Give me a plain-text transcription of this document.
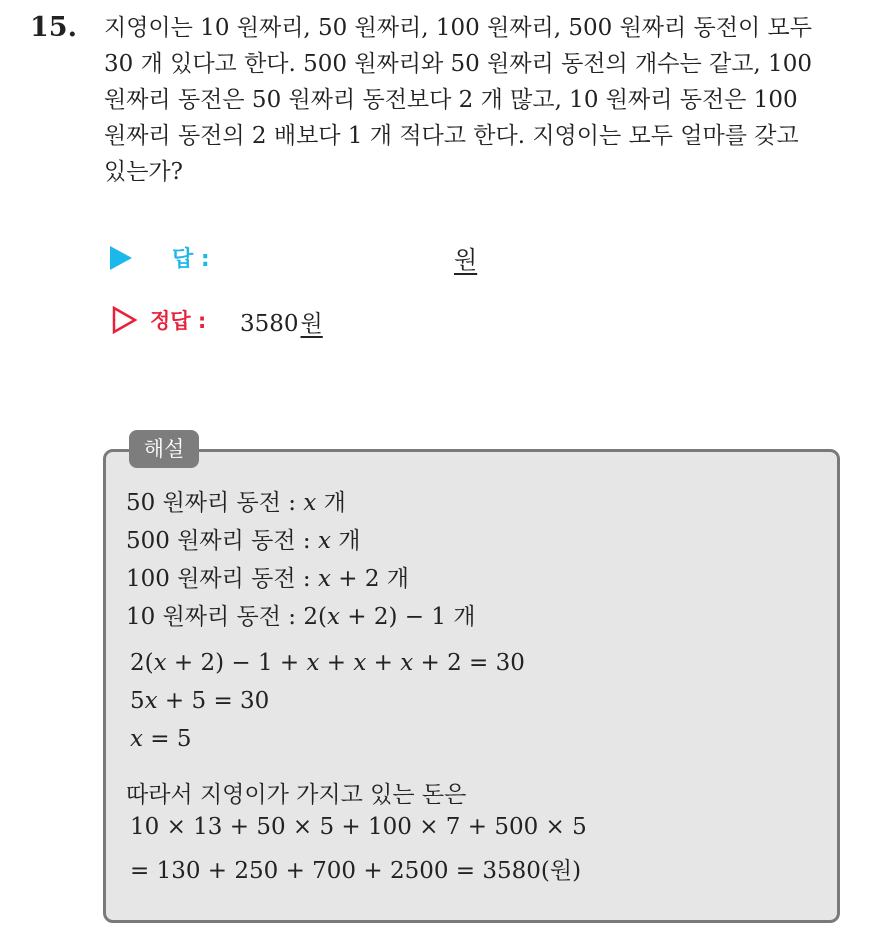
15. 지영이는 10 원짜리, 50 원짜리, 100 원짜리, 500 원짜리 동전이 모두
30 개 있다고 한다. 500 원짜리와 50 원짜리 동전의 개수는 같고, 100
원짜리 동전은 50 원짜리 동전보다 2 개 많고, 10 원짜리 동전은 100
원짜리 동전의 2 배보다 1 개 적다고 한다. 지영이는 모두 얼마를 갖고
있는가?
답 :	원
정답 : 3580원
해설
50 원짜리 동전 : 𝑥 개
500 원짜리 동전 : 𝑥 개
100 원짜리 동전 : 𝑥 + 2 개
10 원짜리 동전 : 2(𝑥 + 2) − 1 개
2(𝑥 + 2) − 1 + 𝑥 + 𝑥 + 𝑥 + 2 = 30
5𝑥 + 5 = 30
𝑥 = 5
따라서 지영이가 가지고 있는 돈은
10 × 13 + 50 × 5 + 100 × 7 + 500 × 5
= 130 + 250 + 700 + 2500 = 3580(원)
